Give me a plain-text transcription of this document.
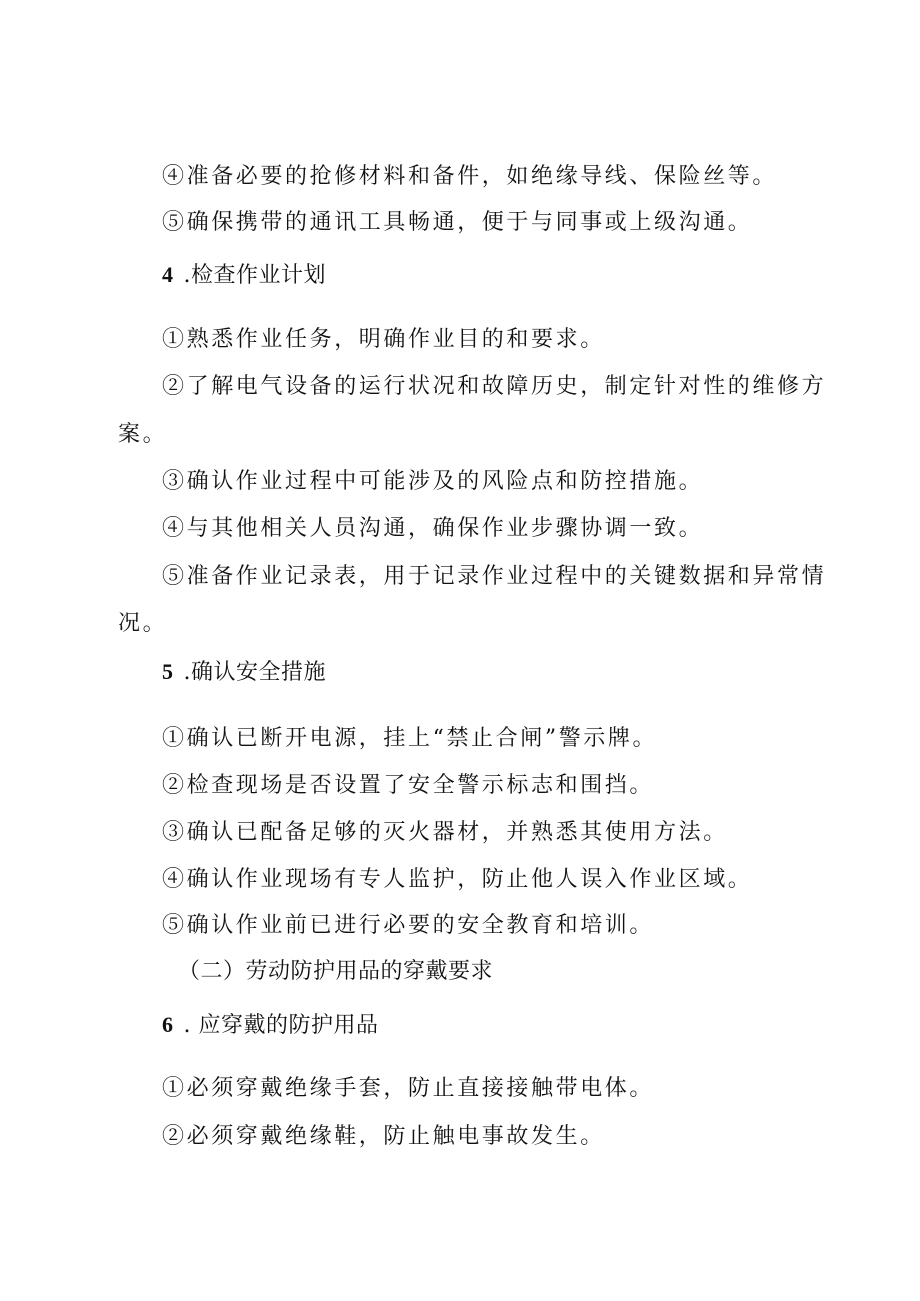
④准备必要的抢修材料和备件，如绝缘导线、保险丝等。
⑤确保携带的通讯工具畅通，便于与同事或上级沟通。
4 .检查作业计划
①熟悉作业任务，明确作业目的和要求。
②了解电气设备的运行状况和故障历史，制定针对性的维修方
案。
③确认作业过程中可能涉及的风险点和防控措施。
④与其他相关人员沟通，确保作业步骤协调一致。
⑤准备作业记录表，用于记录作业过程中的关键数据和异常情
况。
5 .确认安全措施
①确认已断开电源，挂上“禁止合闸”警示牌。
②检查现场是否设置了安全警示标志和围挡。
③确认已配备足够的灭火器材，并熟悉其使用方法。
④确认作业现场有专人监护，防止他人误入作业区域。
⑤确认作业前已进行必要的安全教育和培训。
（二）劳动防护用品的穿戴要求
6 . 应穿戴的防护用品
①必须穿戴绝缘手套，防止直接接触带电体。
②必须穿戴绝缘鞋，防止触电事故发生。
